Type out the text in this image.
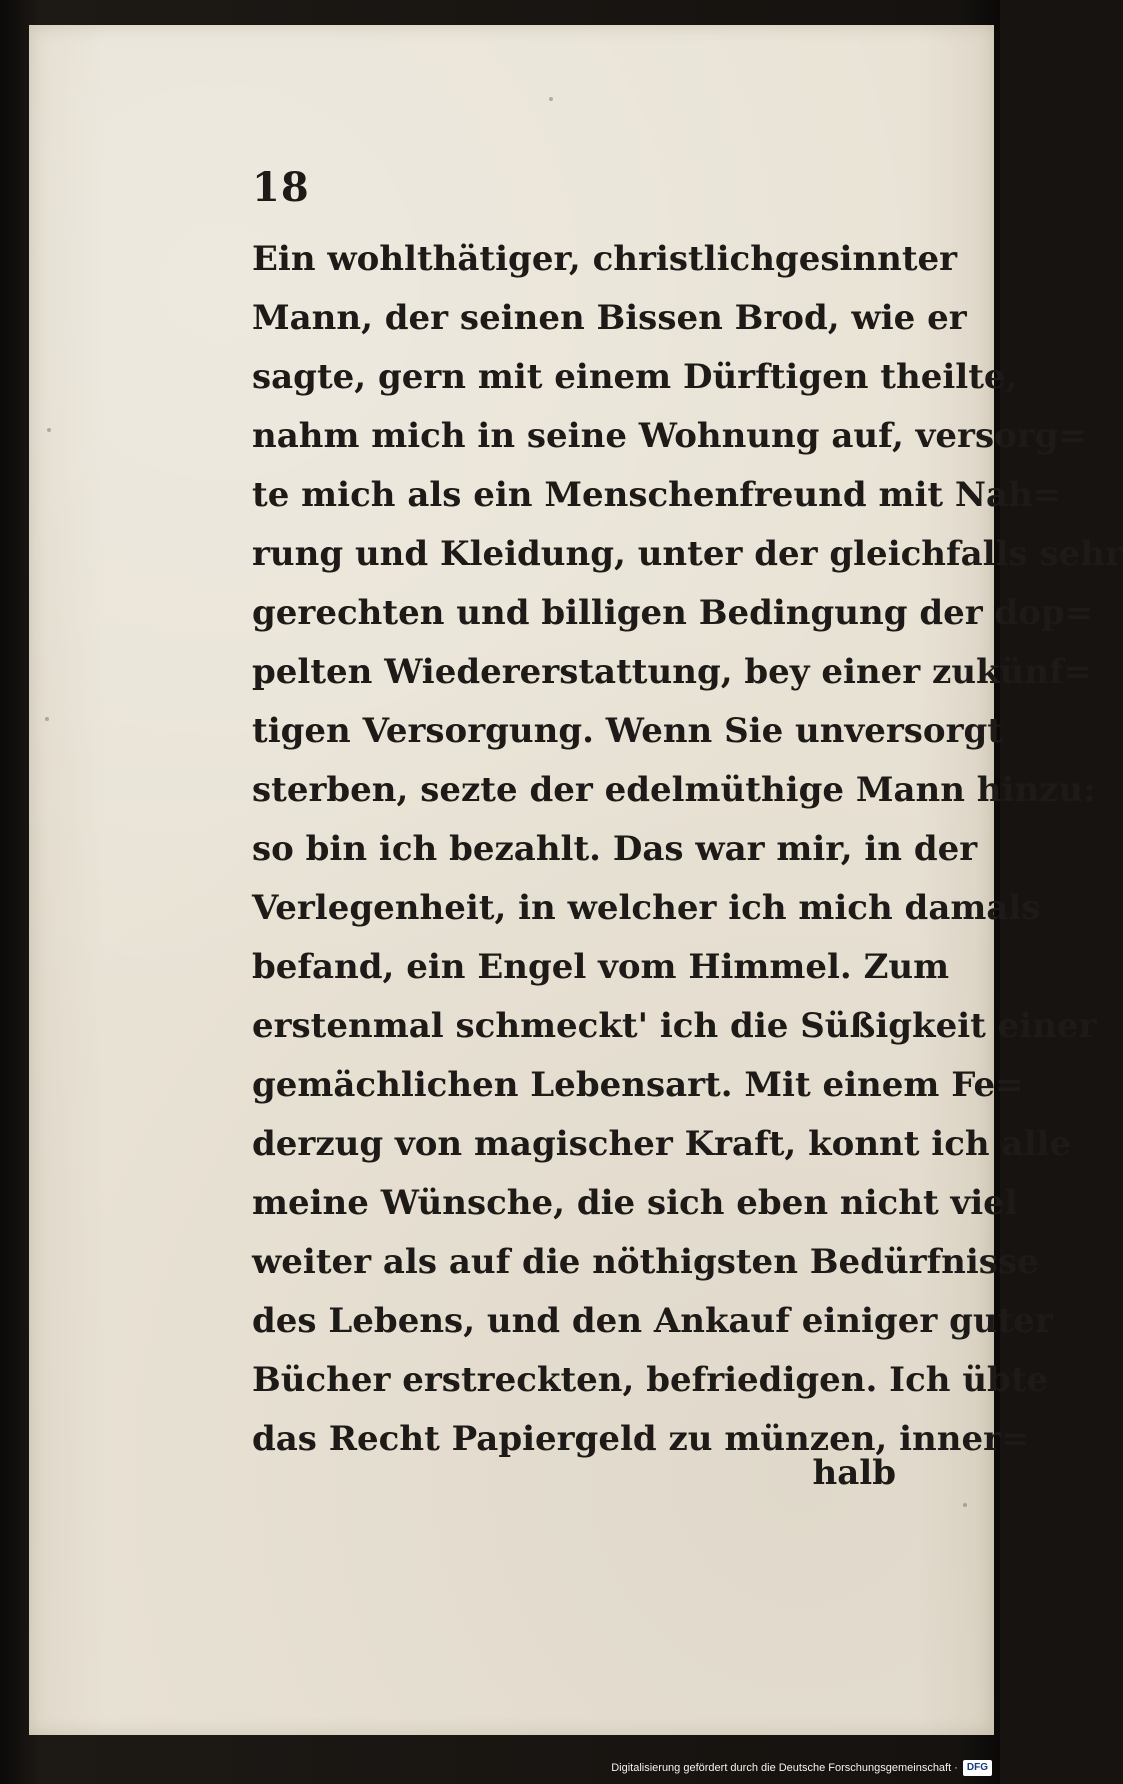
18
Ein wohlthätiger, christlichgesinnter
Mann, der seinen Bissen Brod, wie er
sagte, gern mit einem Dürftigen theilte,
nahm mich in seine Wohnung auf, versorg=
te mich als ein Menschenfreund mit Nah=
rung und Kleidung, unter der gleichfalls sehr
gerechten und billigen Bedingung der dop=
pelten Wiedererstattung, bey einer zukünf=
tigen Versorgung. Wenn Sie unversorgt
sterben, sezte der edelmüthige Mann hinzu:
so bin ich bezahlt. Das war mir, in der
Verlegenheit, in welcher ich mich damals
befand, ein Engel vom Himmel. Zum
erstenmal schmeckt' ich die Süßigkeit einer
gemächlichen Lebensart. Mit einem Fe=
derzug von magischer Kraft, konnt ich alle
meine Wünsche, die sich eben nicht viel
weiter als auf die nöthigsten Bedürfnisse
des Lebens, und den Ankauf einiger guter
Bücher erstreckten, befriedigen. Ich übte
das Recht Papiergeld zu münzen, inner=
halb
Digitalisierung gefördert durch die Deutsche Forschungsgemeinschaft · DFG
